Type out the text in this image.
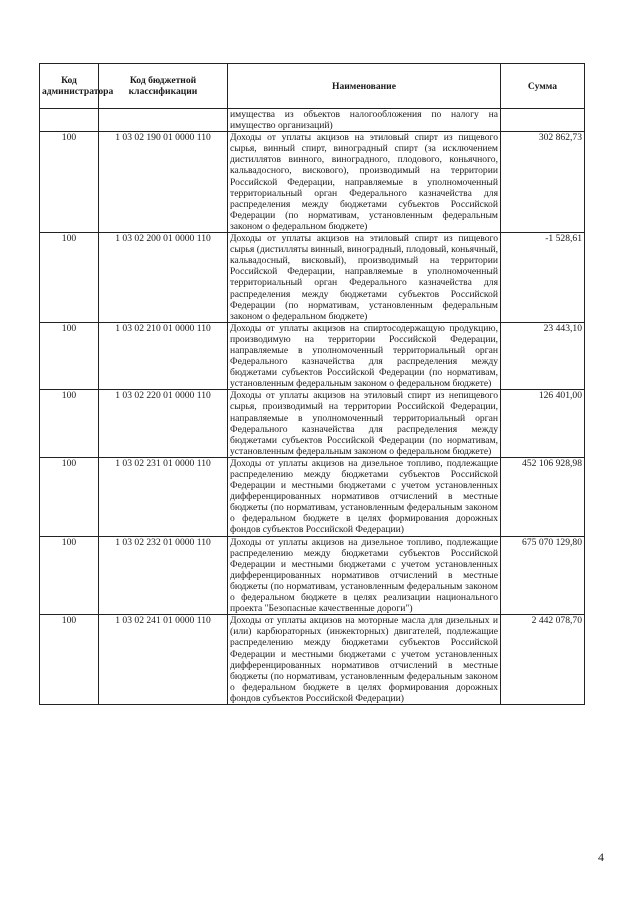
Код администратора	Код бюджетной классификации	Наименование	Сумма
		имущества из объектов налогообложения по налогу на имущество организаций)	
100	1 03 02 190 01 0000 110	Доходы от уплаты акцизов на этиловый спирт из пищевого сырья, винный спирт, виноградный спирт (за исключением дистиллятов винного, виноградного, плодового, коньячного, кальвадосного, вискового), производимый на территории Российской Федерации, направляемые в уполномоченный территориальный орган Федерального казначейства для распределения между бюджетами субъектов Российской Федерации (по нормативам, установленным федеральным законом о федеральном бюджете)	302 862,73
100	1 03 02 200 01 0000 110	Доходы от уплаты акцизов на этиловый спирт из пищевого сырья (дистилляты винный, виноградный, плодовый, коньячный, кальвадосный, висковый), производимый на территории Российской Федерации, направляемые в уполномоченный территориальный орган Федерального казначейства для распределения между бюджетами субъектов Российской Федерации (по нормативам, установленным федеральным законом о федеральном бюджете)	-1 528,61
100	1 03 02 210 01 0000 110	Доходы от уплаты акцизов на спиртосодержащую продукцию, производимую на территории Российской Федерации, направляемые в уполномоченный территориальный орган Федерального казначейства для распределения между бюджетами субъектов Российской Федерации (по нормативам, установленным федеральным законом о федеральном бюджете)	23 443,10
100	1 03 02 220 01 0000 110	Доходы от уплаты акцизов на этиловый спирт из непищевого сырья, производимый на территории Российской Федерации, направляемые в уполномоченный территориальный орган Федерального казначейства для распределения между бюджетами субъектов Российской Федерации (по нормативам, установленным федеральным законом о федеральном бюджете)	126 401,00
100	1 03 02 231 01 0000 110	Доходы от уплаты акцизов на дизельное топливо, подлежащие распределению между бюджетами субъектов Российской Федерации и местными бюджетами с учетом установленных дифференцированных нормативов отчислений в местные бюджеты (по нормативам, установленным федеральным законом о федеральном бюджете в целях формирования дорожных фондов субъектов Российской Федерации)	452 106 928,98
100	1 03 02 232 01 0000 110	Доходы от уплаты акцизов на дизельное топливо, подлежащие распределению между бюджетами субъектов Российской Федерации и местными бюджетами с учетом установленных дифференцированных нормативов отчислений в местные бюджеты (по нормативам, установленным федеральным законом о федеральном бюджете в целях реализации национального проекта "Безопасные качественные дороги")	675 070 129,80
100	1 03 02 241 01 0000 110	Доходы от уплаты акцизов на моторные масла для дизельных и (или) карбюраторных (инжекторных) двигателей, подлежащие распределению между бюджетами субъектов Российской Федерации и местными бюджетами с учетом установленных дифференцированных нормативов отчислений в местные бюджеты (по нормативам, установленным федеральным законом о федеральном бюджете в целях формирования дорожных фондов субъектов Российской Федерации)	2 442 078,70
4
